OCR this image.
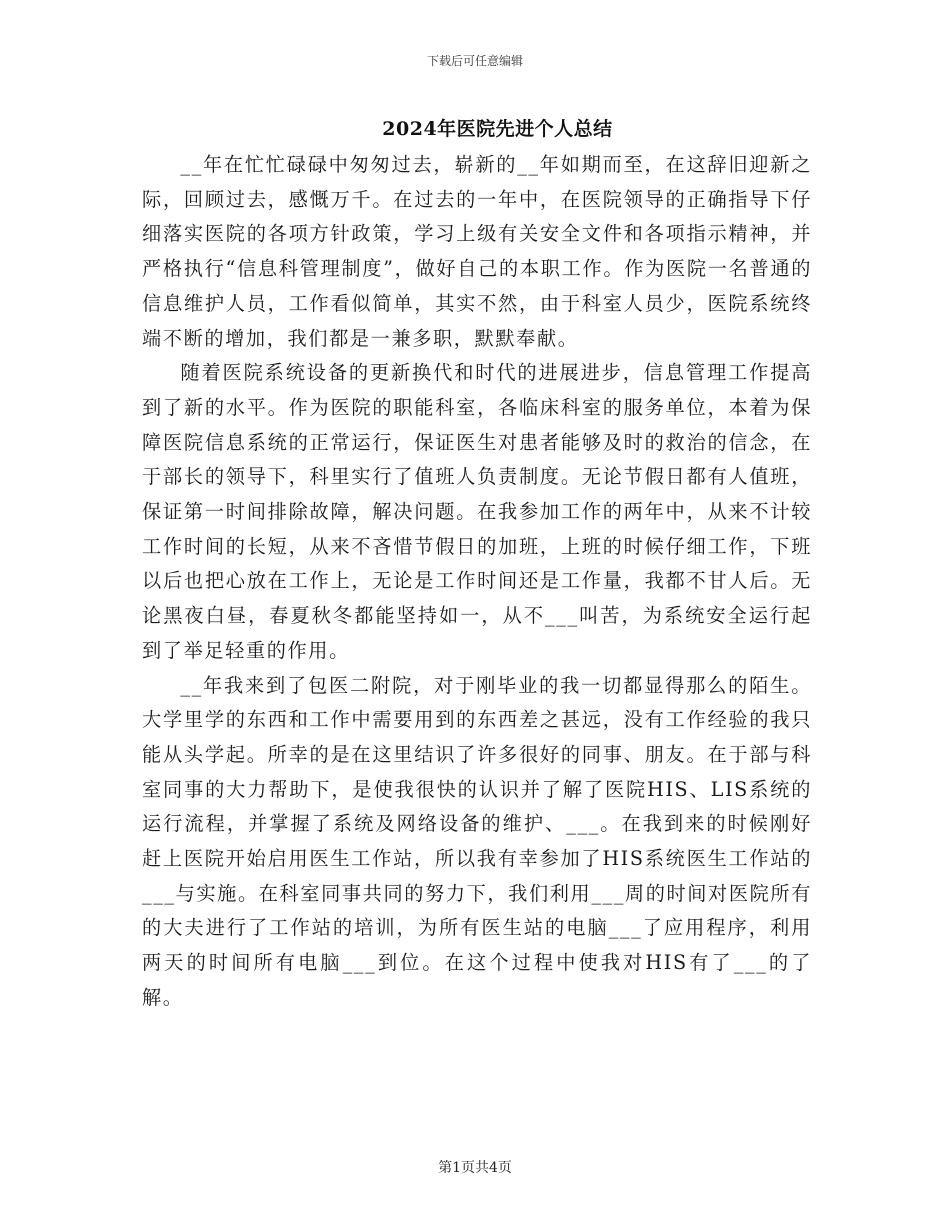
下载后可任意编辑
2024年医院先进个人总结

__年在忙忙碌碌中匆匆过去，崭新的__年如期而至，在这辞旧迎新之际，回顾过去，感慨万千。在过去的一年中，在医院领导的正确指导下仔细落实医院的各项方针政策，学习上级有关安全文件和各项指示精神，并严格执行“信息科管理制度”，做好自己的本职工作。作为医院一名普通的信息维护人员，工作看似简单，其实不然，由于科室人员少，医院系统终端不断的增加，我们都是一兼多职，默默奉献。

随着医院系统设备的更新换代和时代的进展进步，信息管理工作提高到了新的水平。作为医院的职能科室，各临床科室的服务单位，本着为保障医院信息系统的正常运行，保证医生对患者能够及时的救治的信念，在于部长的领导下，科里实行了值班人负责制度。无论节假日都有人值班，保证第一时间排除故障，解决问题。在我参加工作的两年中，从来不计较工作时间的长短，从来不吝惜节假日的加班，上班的时候仔细工作，下班以后也把心放在工作上，无论是工作时间还是工作量，我都不甘人后。无论黑夜白昼，春夏秋冬都能坚持如一，从不___叫苦，为系统安全运行起到了举足轻重的作用。

__年我来到了包医二附院，对于刚毕业的我一切都显得那么的陌生。大学里学的东西和工作中需要用到的东西差之甚远，没有工作经验的我只能从头学起。所幸的是在这里结识了许多很好的同事、朋友。在于部与科室同事的大力帮助下，是使我很快的认识并了解了医院HIS、LIS系统的运行流程，并掌握了系统及网络设备的维护、___。在我到来的时候刚好赶上医院开始启用医生工作站，所以我有幸参加了HIS系统医生工作站的___与实施。在科室同事共同的努力下，我们利用___周的时间对医院所有的大夫进行了工作站的培训，为所有医生站的电脑___了应用程序，利用两天的时间所有电脑___到位。在这个过程中使我对HIS有了___的了解。

第1页共4页
